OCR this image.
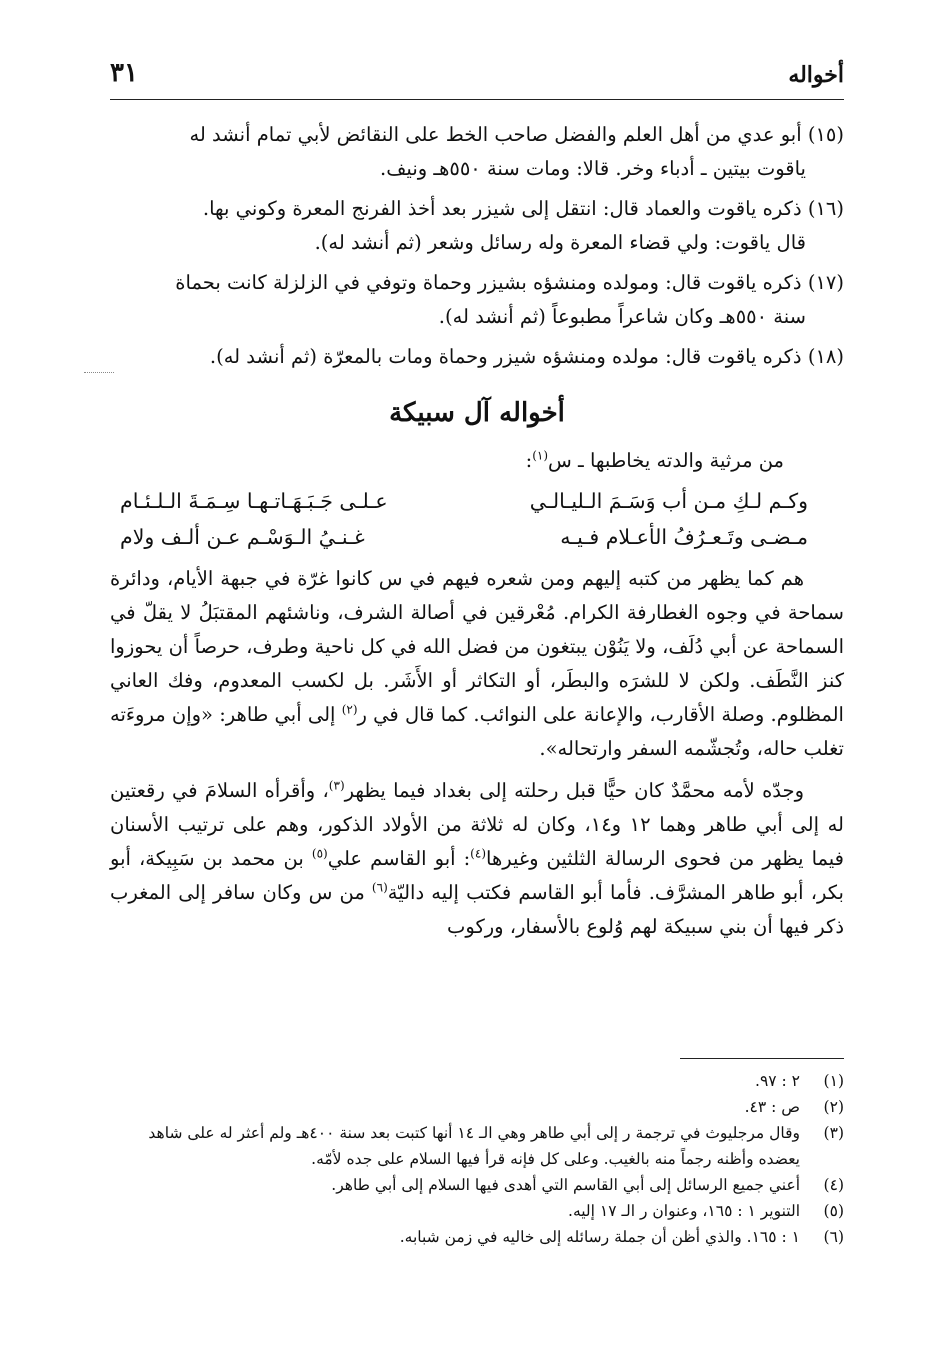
أخواله
٣١

(١٥) أبو عدي من أهل العلم والفضل صاحب الخط على النقائض لأبي تمام أنشد له
ياقوت بيتين ـ أدباء وخر. قالا: ومات سنة ٥٥٠هـ ونيف.

(١٦) ذكره ياقوت والعماد قال: انتقل إلى شيزر بعد أخذ الفرنج المعرة وكوني بها.
قال ياقوت: ولي قضاء المعرة وله رسائل وشعر (ثم أنشد له).

(١٧) ذكره ياقوت قال: ومولده ومنشؤه بشيزر وحماة وتوفي في الزلزلة كانت بحماة
سنة ٥٥٠هـ وكان شاعراً مطبوعاً (ثم أنشد له).

(١٨) ذكره ياقوت قال: مولده ومنشؤه شيزر وحماة ومات بالمعرّة (ثم أنشد له).

أخواله آل سبيكة

من مرثية والدته يخاطبها ـ س$^{(١)}$:

وكـم لـكِ مـن أب وَسَـمَ الـليـالـي
عـلـى جَـبَـهَـاتـهـا سِـمَـةَ الـلـئـام
مـضـى وتَـعـرُفُ الأعـلام فـيـه
غـنـيُ الـوَسْـم عـن ألـف ولام

هم كما يظهر من كتبه إليهم ومن شعره فيهم في س كانوا غرّة في جبهة الأيام، ودائرة سماحة في وجوه الغطارفة الكرام. مُعْرقين في أصالة الشرف، وناشئهم المقتبَلُ لا يقلّ في السماحة عن أبي دُلَف، ولا يَنُوْن يبتغون من فضل الله في كل ناحية وطرف، حرصاً أن يحوزوا كنز النَّطَف. ولكن لا للشرَه والبطَر، أو التكاثر أو الأَشَر. بل لكسب المعدوم، وفك العاني المظلوم. وصلة الأقارب، والإعانة على النوائب. كما قال في ر$^{(٢)}$ إلى أبي طاهر: «وإن مروءَته تغلب حاله، وتُجشّمه السفر وارتحاله».

وجدّه لأمه محمَّدٌ كان حيًّا قبل رحلته إلى بغداد فيما يظهر$^{(٣)}$، وأقرأه السلامَ في رقعتين له إلى أبي طاهر وهما ١٢ و١٤، وكان له ثلاثة من الأولاد الذكور، وهم على ترتيب الأسنان فيما يظهر من فحوى الرسالة الثلثين وغيرها$^{(٤)}$: أبو القاسم علي$^{(٥)}$ بن محمد بن سَبِيكة، أبو بكر، أبو طاهر المشرَّف. فأما أبو القاسم فكتب إليه داليّة$^{(٦)}$ من س وكان سافر إلى المغرب ذكر فيها أن بني سبيكة لهم وُلوع بالأسفار، وركوب

(١)
٢ : ٩٧.
(٢)
ص : ٤٣.
(٣)
وقال مرجليوث في ترجمة ر إلى أبي طاهر وهي الـ ١٤ أنها كتبت بعد سنة ٤٠٠هـ ولم أعثر له على شاهد يعضده وأظنه رجماً منه بالغيب. وعلى كل فإنه قرأ فيها السلام على جده لأمّه.
(٤)
أعني جميع الرسائل إلى أبي القاسم التي أهدى فيها السلام إلى أبي طاهر.
(٥)
التنوير ١ : ١٦٥، وعنوان ر الـ ١٧ إليه.
(٦)
١ : ١٦٥. والذي أظن أن جملة رسائله إلى خاليه في زمن شبابه.
